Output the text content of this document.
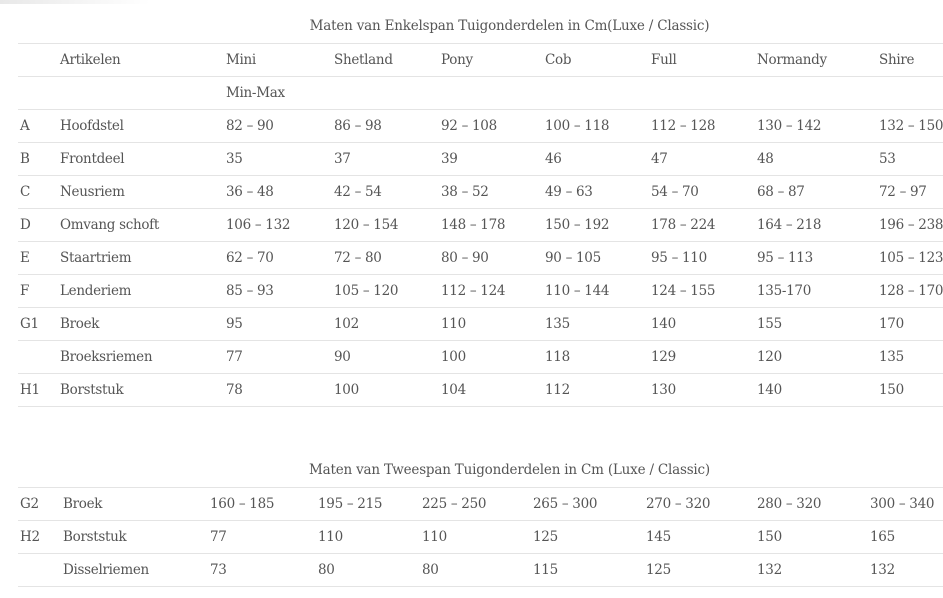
Maten van Enkelspan Tuigonderdelen in Cm(Luxe / Classic)
	Artikelen	Mini	Shetland	Pony	Cob	Full	Normandy	Shire
		Min-Max						
A	Hoofdstel	82 – 90	86 – 98	92 – 108	100 – 118	112 – 128	130 – 142	132 – 150
B	Frontdeel	35	37	39	46	47	48	53
C	Neusriem	36 – 48	42 – 54	38 – 52	49 – 63	54 – 70	68 – 87	72 – 97
D	Omvang schoft	106 – 132	120 – 154	148 – 178	150 – 192	178 – 224	164 – 218	196 – 238
E	Staartriem	62 – 70	72 – 80	80 – 90	90 – 105	95 – 110	95 – 113	105 – 123
F	Lenderiem	85 – 93	105 – 120	112 – 124	110 – 144	124 – 155	135-170	128 – 170
G1	Broek	95	102	110	135	140	155	170
	Broeksriemen	77	90	100	118	129	120	135
H1	Borststuk	78	100	104	112	130	140	150
Maten van Tweespan Tuigonderdelen in Cm (Luxe / Classic)
G2	Broek	160 – 185	195 – 215	225 – 250	265 – 300	270 – 320	280 – 320	300 – 340
H2	Borststuk	77	110	110	125	145	150	165
	Disselriemen	73	80	80	115	125	132	132
